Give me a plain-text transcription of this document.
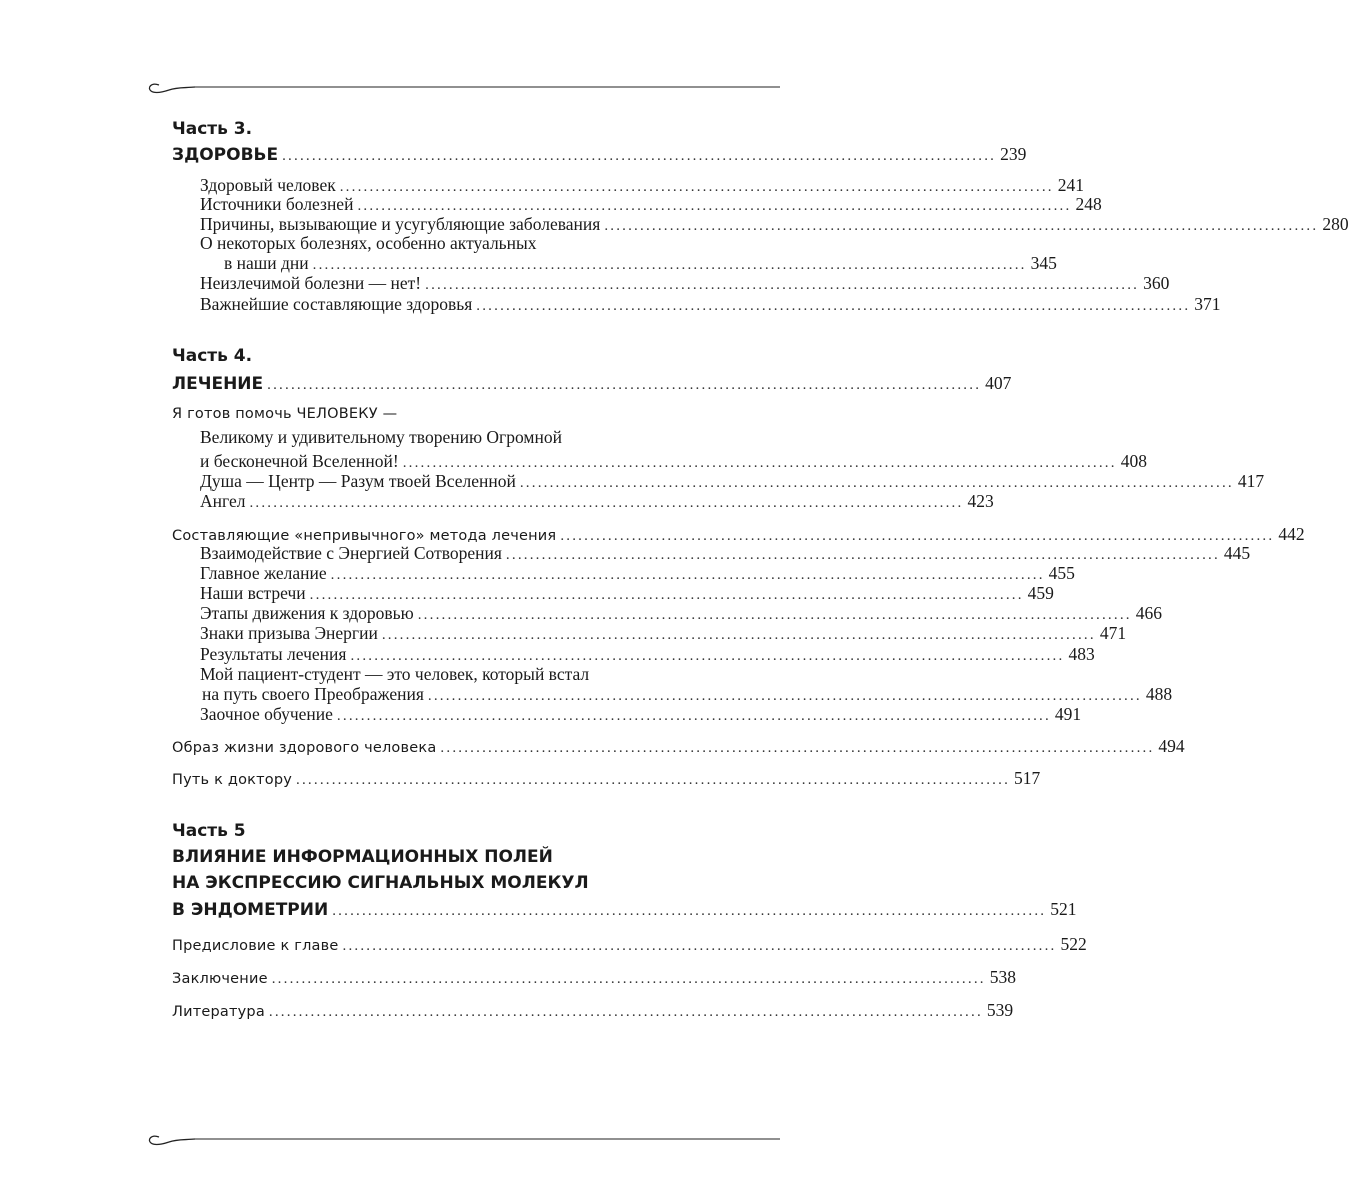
Часть 3.
ЗДОРОВЬЕ ........................................................................................................................ 239
Здоровый человек ........................................................................................................................ 241
Источники болезней ........................................................................................................................ 248
Причины, вызывающие и усугубляющие заболевания ........................................................................................................................ 280
О некоторых болезнях, особенно актуальных
в наши дни ........................................................................................................................ 345
Неизлечимой болезни — нет! ........................................................................................................................ 360
Важнейшие составляющие здоровья ........................................................................................................................ 371
Часть 4.
ЛЕЧЕНИЕ ........................................................................................................................ 407
Я готов помочь ЧЕЛОВЕКУ —
Великому и удивительному творению Огромной
и бесконечной Вселенной! ........................................................................................................................ 408
Душа — Центр — Разум твоей Вселенной ........................................................................................................................ 417
Ангел ........................................................................................................................ 423
Составляющие «непривычного» метода лечения ........................................................................................................................ 442
Взаимодействие с Энергией Сотворения ........................................................................................................................ 445
Главное желание ........................................................................................................................ 455
Наши встречи ........................................................................................................................ 459
Этапы движения к здоровью ........................................................................................................................ 466
Знаки призыва Энергии ........................................................................................................................ 471
Результаты лечения ........................................................................................................................ 483
Мой пациент-студент — это человек, который встал
на путь своего Преображения ........................................................................................................................ 488
Заочное обучение ........................................................................................................................ 491
Образ жизни здорового человека ........................................................................................................................ 494
Путь к доктору ........................................................................................................................ 517
Часть 5
ВЛИЯНИЕ ИНФОРМАЦИОННЫХ ПОЛЕЙ
НА ЭКСПРЕССИЮ СИГНАЛЬНЫХ МОЛЕКУЛ
В ЭНДОМЕТРИИ ........................................................................................................................ 521
Предисловие к главе ........................................................................................................................ 522
Заключение ........................................................................................................................ 538
Литература ........................................................................................................................ 539
